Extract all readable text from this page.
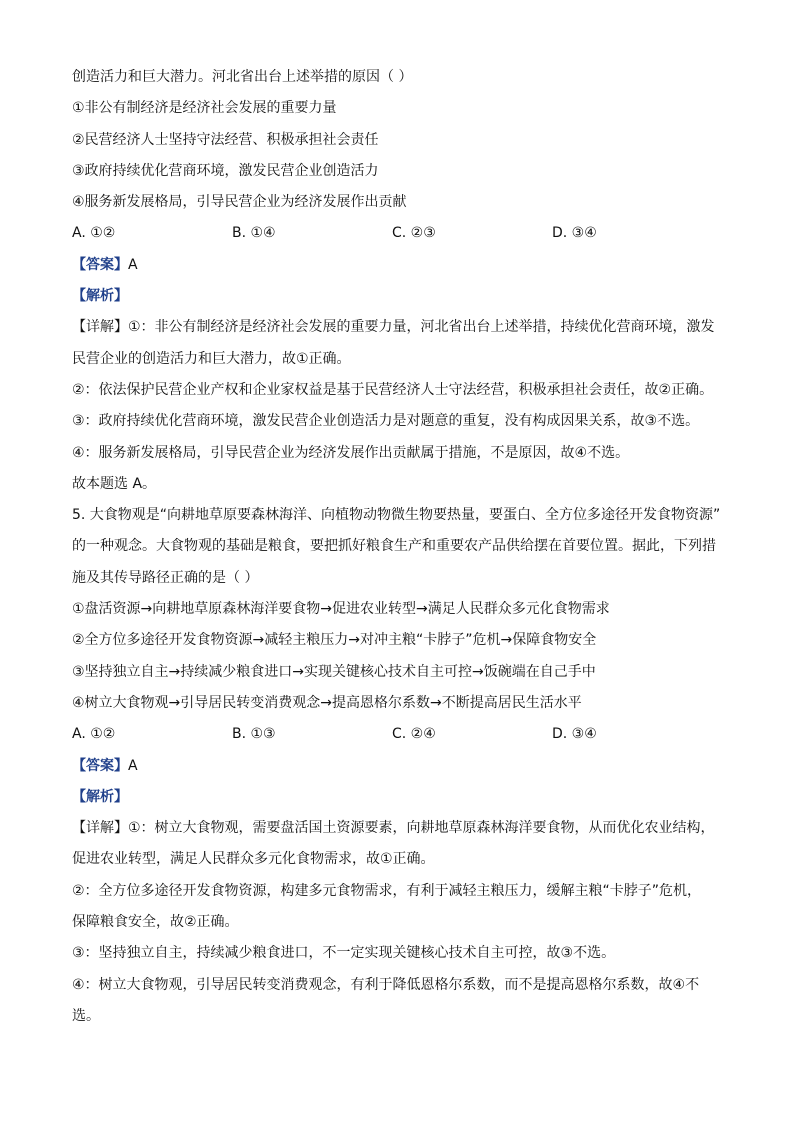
创造活力和巨大潜力。河北省出台上述举措的原因（ ）
①非公有制经济是经济社会发展的重要力量
②民营经济人士坚持守法经营、积极承担社会责任
③政府持续优化营商环境，激发民营企业创造活力
④服务新发展格局，引导民营企业为经济发展作出贡献
A. ①②	B. ①④	C. ②③	D. ③④
【答案】A
【解析】
【详解】①：非公有制经济是经济社会发展的重要力量，河北省出台上述举措，持续优化营商环境，激发
民营企业的创造活力和巨大潜力，故①正确。
②：依法保护民营企业产权和企业家权益是基于民营经济人士守法经营，积极承担社会责任，故②正确。
③：政府持续优化营商环境，激发民营企业创造活力是对题意的重复，没有构成因果关系，故③不选。
④：服务新发展格局，引导民营企业为经济发展作出贡献属于措施，不是原因，故④不选。
故本题选 A。
5. 大食物观是“向耕地草原要森林海洋、向植物动物微生物要热量，要蛋白、全方位多途径开发食物资源”
的一种观念。大食物观的基础是粮食，要把抓好粮食生产和重要农产品供给摆在首要位置。据此，下列措
施及其传导路径正确的是（ ）
①盘活资源→向耕地草原森林海洋要食物→促进农业转型→满足人民群众多元化食物需求
②全方位多途径开发食物资源→减轻主粮压力→对冲主粮“卡脖子”危机→保障食物安全
③坚持独立自主→持续减少粮食进口→实现关键核心技术自主可控→饭碗端在自己手中
④树立大食物观→引导居民转变消费观念→提高恩格尔系数→不断提高居民生活水平
A. ①②	B. ①③	C. ②④	D. ③④
【答案】A
【解析】
【详解】①：树立大食物观，需要盘活国土资源要素，向耕地草原森林海洋要食物，从而优化农业结构，
促进农业转型，满足人民群众多元化食物需求，故①正确。
②：全方位多途径开发食物资源，构建多元食物需求，有利于减轻主粮压力，缓解主粮“卡脖子”危机，
保障粮食安全，故②正确。
③：坚持独立自主，持续减少粮食进口，不一定实现关键核心技术自主可控，故③不选。
④：树立大食物观，引导居民转变消费观念，有利于降低恩格尔系数，而不是提高恩格尔系数，故④不
选。
